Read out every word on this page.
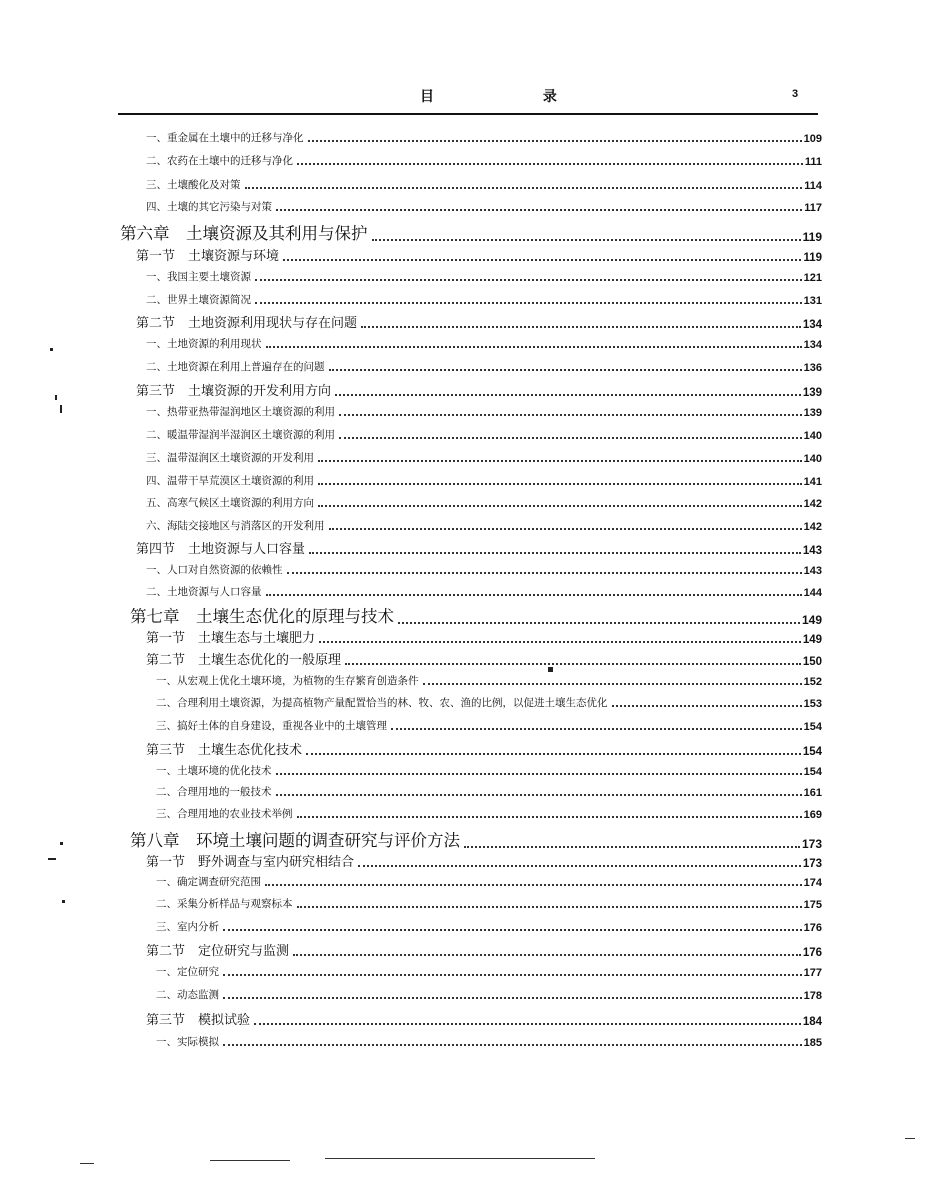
目 录	3
一、重金属在土壤中的迁移与净化	109
二、农药在土壤中的迁移与净化	111
三、土壤酸化及对策	114
四、土壤的其它污染与对策	117
第六章　土壤资源及其利用与保护	119
第一节　土壤资源与环境	119
一、我国主要土壤资源	121
二、世界土壤资源简况	131
第二节　土地资源利用现状与存在问题	134
一、土地资源的利用现状	134
二、土地资源在利用上普遍存在的问题	136
第三节　土壤资源的开发利用方向	139
一、热带亚热带湿润地区土壤资源的利用	139
二、暖温带湿润半湿润区土壤资源的利用	140
三、温带湿润区土壤资源的开发利用	140
四、温带干旱荒漠区土壤资源的利用	141
五、高寒气候区土壤资源的利用方向	142
六、海陆交接地区与消落区的开发利用	142
第四节　土地资源与人口容量	143
一、人口对自然资源的依赖性	143
二、土地资源与人口容量	144
第七章　土壤生态优化的原理与技术	149
第一节　土壤生态与土壤肥力	149
第二节　土壤生态优化的一般原理	150
一、从宏观上优化土壤环境，为植物的生存繁育创造条件	152
二、合理利用土壤资源，为提高植物产量配置恰当的林、牧、农、渔的比例，以促进土壤生态优化	153
三、搞好土体的自身建设，重视各业中的土壤管理	154
第三节　土壤生态优化技术	154
一、土壤环境的优化技术	154
二、合理用地的一般技术	161
三、合理用地的农业技术举例	169
第八章　环境土壤问题的调查研究与评价方法	173
第一节　野外调查与室内研究相结合	173
一、确定调查研究范围	174
二、采集分析样品与观察标本	175
三、室内分析	176
第二节　定位研究与监测	176
一、定位研究	177
二、动态监测	178
第三节　模拟试验	184
一、实际模拟	185
